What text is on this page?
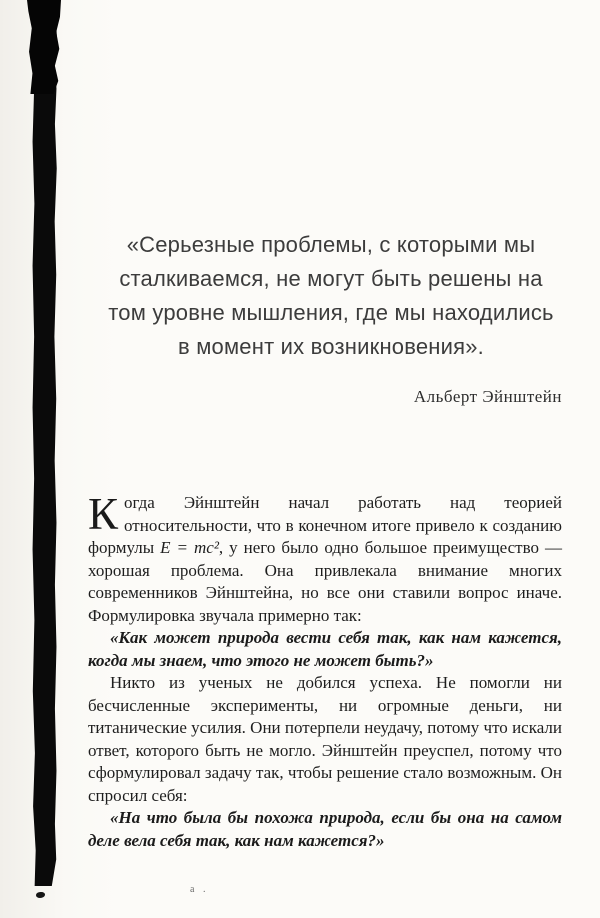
а .
«Серьезные проблемы, с которыми мы
сталкиваемся, не могут быть решены на
том уровне мышления, где мы находились
в момент их возникновения».
Альберт Эйнштейн

Когда Эйнштейн начал работать над теорией относительности, что в конечном итоге привело к созданию формулы E = mc², у него было одно большое преимущество — хорошая проблема. Она привлекала внимание многих современников Эйнштейна, но все они ставили вопрос иначе. Формулировка звучала примерно так:

«Как может природа вести себя так, как нам кажется, когда мы знаем, что этого не может быть?»

Никто из ученых не добился успеха. Не помогли ни бесчисленные эксперименты, ни огромные деньги, ни титанические усилия. Они потерпели неудачу, потому что искали ответ, которого быть не могло. Эйнштейн преуспел, потому что сформулировал задачу так, чтобы решение стало возможным. Он спросил себя:

«На что была бы похожа природа, если бы она на самом деле вела себя так, как нам кажется?»
